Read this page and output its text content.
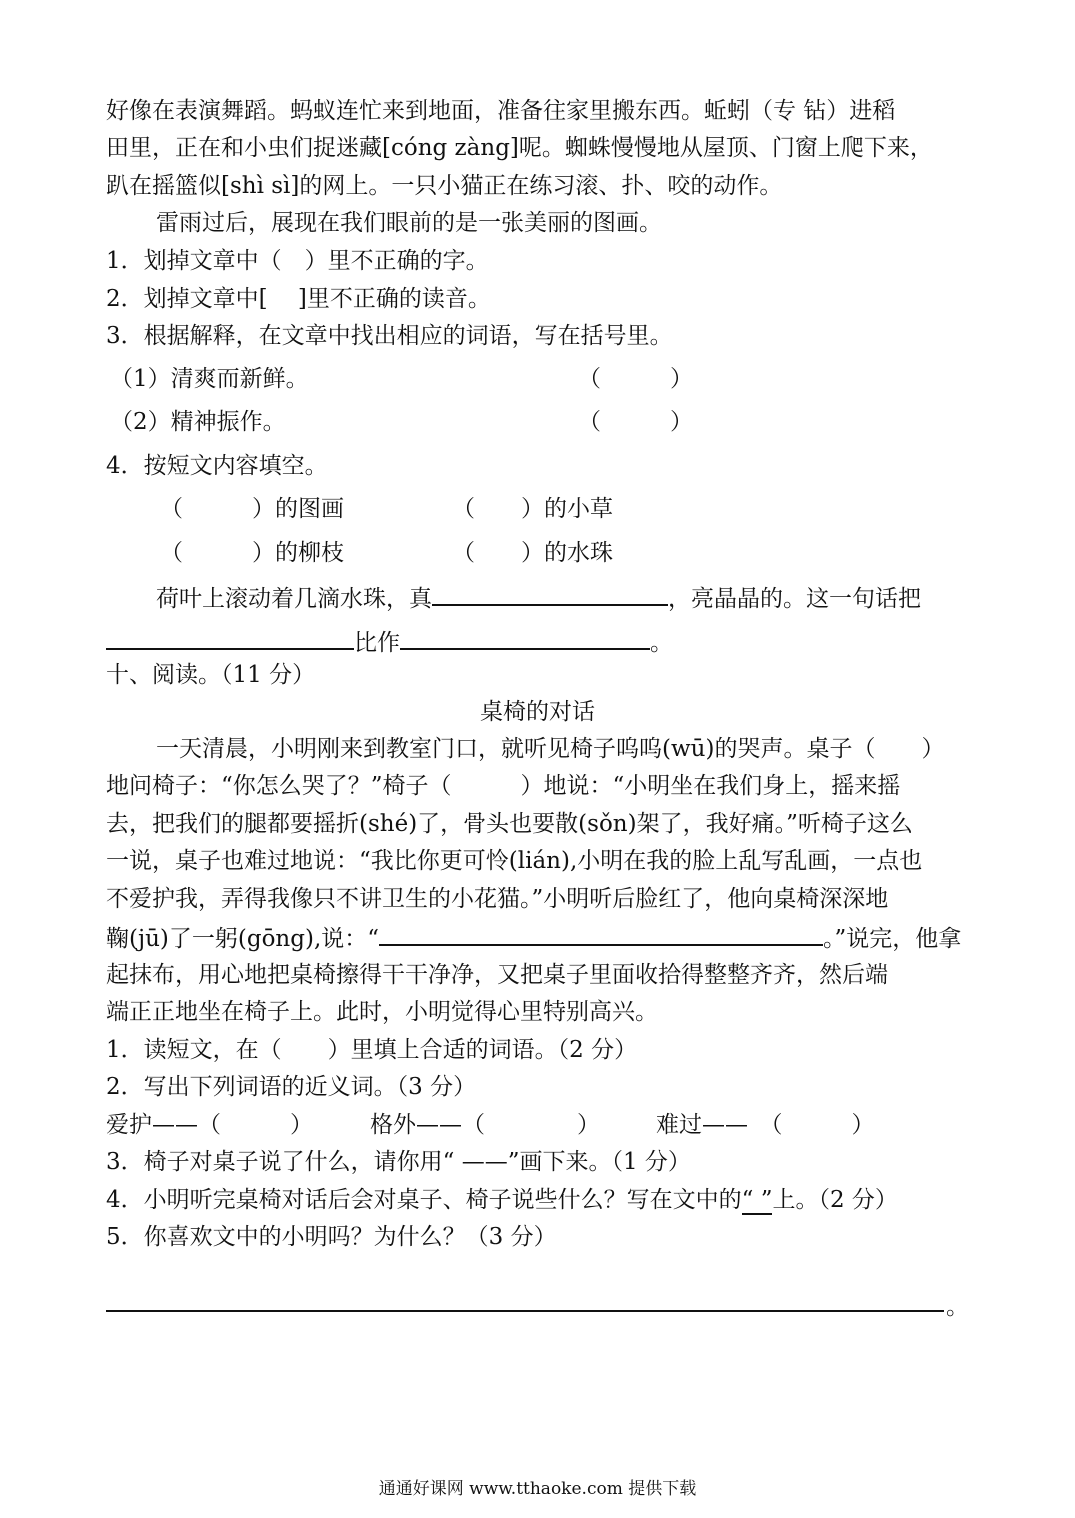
好像在表演舞蹈。蚂蚁连忙来到地面，准备往家里搬东西。蚯蚓（专 钻）进稻
田里，正在和小虫们捉迷藏[cóng zàng]呢。蜘蛛慢慢地从屋顶、门窗上爬下来，
趴在摇篮似[shì sì]的网上。一只小猫正在练习滚、扑、咬的动作。
雷雨过后，展现在我们眼前的是一张美丽的图画。
1．划掉文章中（　）里不正确的字。
2．划掉文章中[　 ]里不正确的读音。
3．根据解释，在文章中找出相应的词语，写在括号里。
（1）清爽而新鲜。	（　　　）
（2）精神振作。	（　　　）
4．按短文内容填空。
（　　　）的图画	（　　）的小草
（　　　）的柳枝	（　　）的水珠
荷叶上滚动着几滴水珠，真	，亮晶晶的。这一句话把
比作	。
十、阅读。（11 分）
桌椅的对话
一天清晨，小明刚来到教室门口，就听见椅子呜呜(wū)的哭声。桌子（　　）
地问椅子：“你怎么哭了？”椅子（　　　）地说：“小明坐在我们身上，摇来摇
去，把我们的腿都要摇折(shé)了，骨头也要散(sǒn)架了，我好痛。”听椅子这么
一说，桌子也难过地说：“我比你更可怜(lián),小明在我的脸上乱写乱画，一点也
不爱护我，弄得我像只不讲卫生的小花猫。”小明听后脸红了，他向桌椅深深地
鞠(jū)了一躬(gōng),说：“	。”说完，他拿
起抹布，用心地把桌椅擦得干干净净，又把桌子里面收拾得整整齐齐，然后端
端正正地坐在椅子上。此时，小明觉得心里特别高兴。
1．读短文，在（　　）里填上合适的词语。（2 分）
2．写出下列词语的近义词。（3 分）
爱护——（　　　） 格外——（　　　　） 难过——　（　　　）
3．椅子对桌子说了什么，请你用“ ——”画下来。（1 分）
4．小明听完桌椅对话后会对桌子、椅子说些什么？写在文中的“ ”上。（2 分）
5．你喜欢文中的小明吗？为什么？（3 分）
。
通通好课网 www.tthaoke.com 提供下载
